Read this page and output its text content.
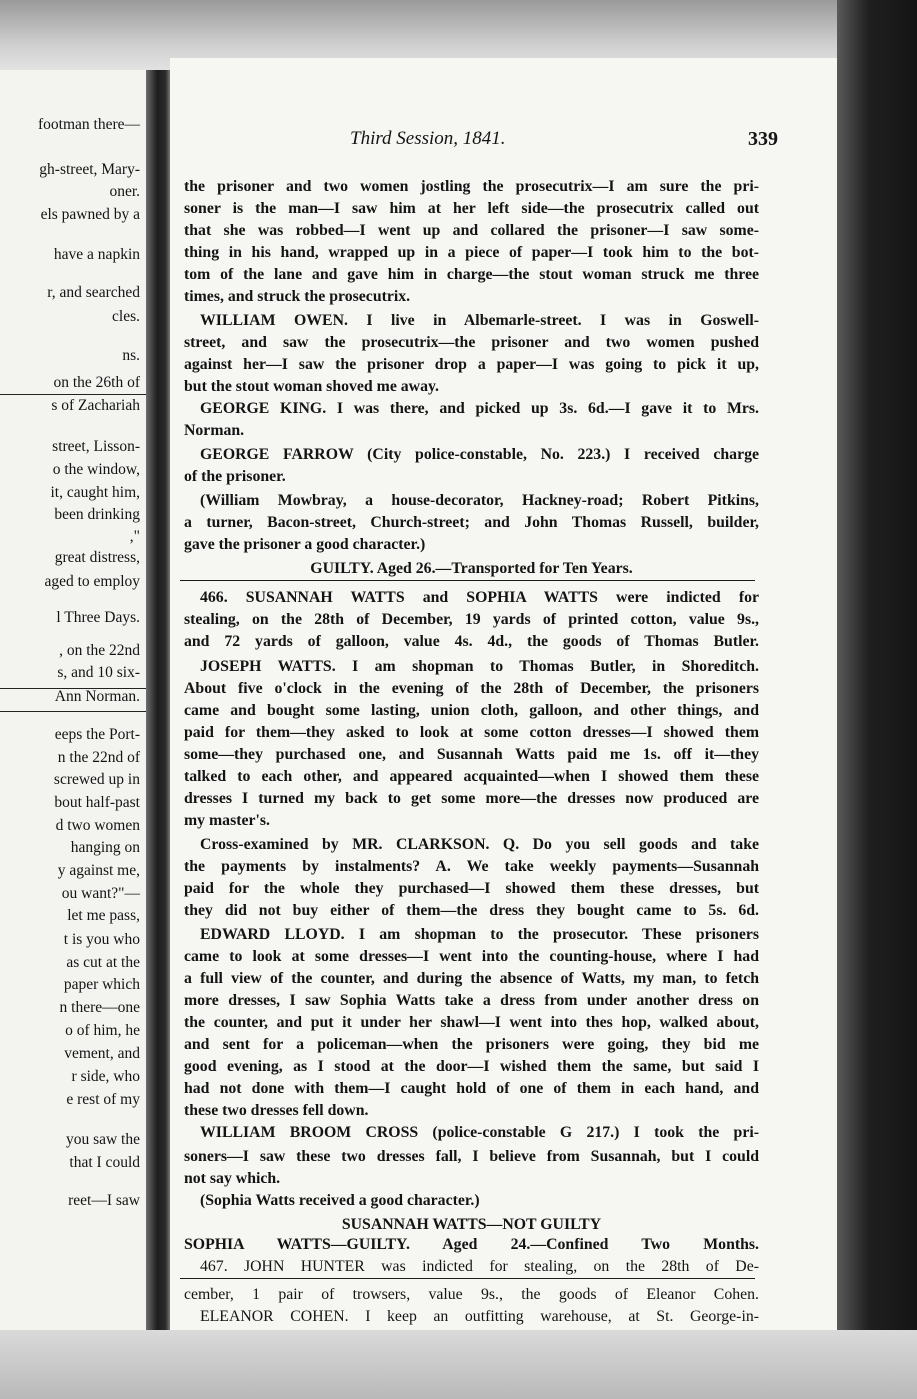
footman there—
gh-street, Mary-
oner.
els pawned by a
have a napkin
r, and searched
cles.
ns.
on the 26th of
s of Zachariah
street, Lisson-
o the window,
it, caught him,
been drinking
,"
great distress,
aged to employ
l Three Days.
, on the 22nd
s, and 10 six-
Ann Norman.
eeps the Port-
n the 22nd of
screwed up in
bout half-past
d two women
hanging on
y against me,
ou want?"—
let me pass,
t is you who
as cut at the
paper which
n there—one
o of him, he
vement, and
r side, who
e rest of my
you saw the
that I could
reet—I saw
Third Session, 1841.	339
the prisoner and two women jostling the prosecutrix—I am sure the pri-
soner is the man—I saw him at her left side—the prosecutrix called out
that she was robbed—I went up and collared the prisoner—I saw some-
thing in his hand, wrapped up in a piece of paper—I took him to the bot-
tom of the lane and gave him in charge—the stout woman struck me three
times, and struck the prosecutrix.
WILLIAM OWEN. I live in Albemarle-street. I was in Goswell-
street, and saw the prosecutrix—the prisoner and two women pushed
against her—I saw the prisoner drop a paper—I was going to pick it up,
but the stout woman shoved me away.
GEORGE KING. I was there, and picked up 3s. 6d.—I gave it to Mrs.
Norman.
GEORGE FARROW (City police-constable, No. 223.) I received charge
of the prisoner.
(William Mowbray, a house-decorator, Hackney-road; Robert Pitkins,
a turner, Bacon-street, Church-street; and John Thomas Russell, builder,
gave the prisoner a good character.)
GUILTY. Aged 26.—Transported for Ten Years.
466. SUSANNAH WATTS and SOPHIA WATTS were indicted for
stealing, on the 28th of December, 19 yards of printed cotton, value 9s.,
and 72 yards of galloon, value 4s. 4d., the goods of Thomas Butler.
JOSEPH WATTS. I am shopman to Thomas Butler, in Shoreditch.
About five o'clock in the evening of the 28th of December, the prisoners
came and bought some lasting, union cloth, galloon, and other things, and
paid for them—they asked to look at some cotton dresses—I showed them
some—they purchased one, and Susannah Watts paid me 1s. off it—they
talked to each other, and appeared acquainted—when I showed them these
dresses I turned my back to get some more—the dresses now produced are
my master's.
Cross-examined by MR. CLARKSON. Q. Do you sell goods and take
the payments by instalments? A. We take weekly payments—Susannah
paid for the whole they purchased—I showed them these dresses, but
they did not buy either of them—the dress they bought came to 5s. 6d.
EDWARD LLOYD. I am shopman to the prosecutor. These prisoners
came to look at some dresses—I went into the counting-house, where I had
a full view of the counter, and during the absence of Watts, my man, to fetch
more dresses, I saw Sophia Watts take a dress from under another dress on
the counter, and put it under her shawl—I went into thes hop, walked about,
and sent for a policeman—when the prisoners were going, they bid me
good evening, as I stood at the door—I wished them the same, but said I
had not done with them—I caught hold of one of them in each hand, and
these two dresses fell down.
WILLIAM BROOM CROSS (police-constable G 217.) I took the pri-
soners—I saw these two dresses fall, I believe from Susannah, but I could
not say which.
(Sophia Watts received a good character.)
SUSANNAH WATTS—NOT GUILTY
SOPHIA WATTS—GUILTY. Aged 24.—Confined Two Months.
467. JOHN HUNTER was indicted for stealing, on the 28th of De-
cember, 1 pair of trowsers, value 9s., the goods of Eleanor Cohen.
ELEANOR COHEN. I keep an outfitting warehouse, at St. George-in-
